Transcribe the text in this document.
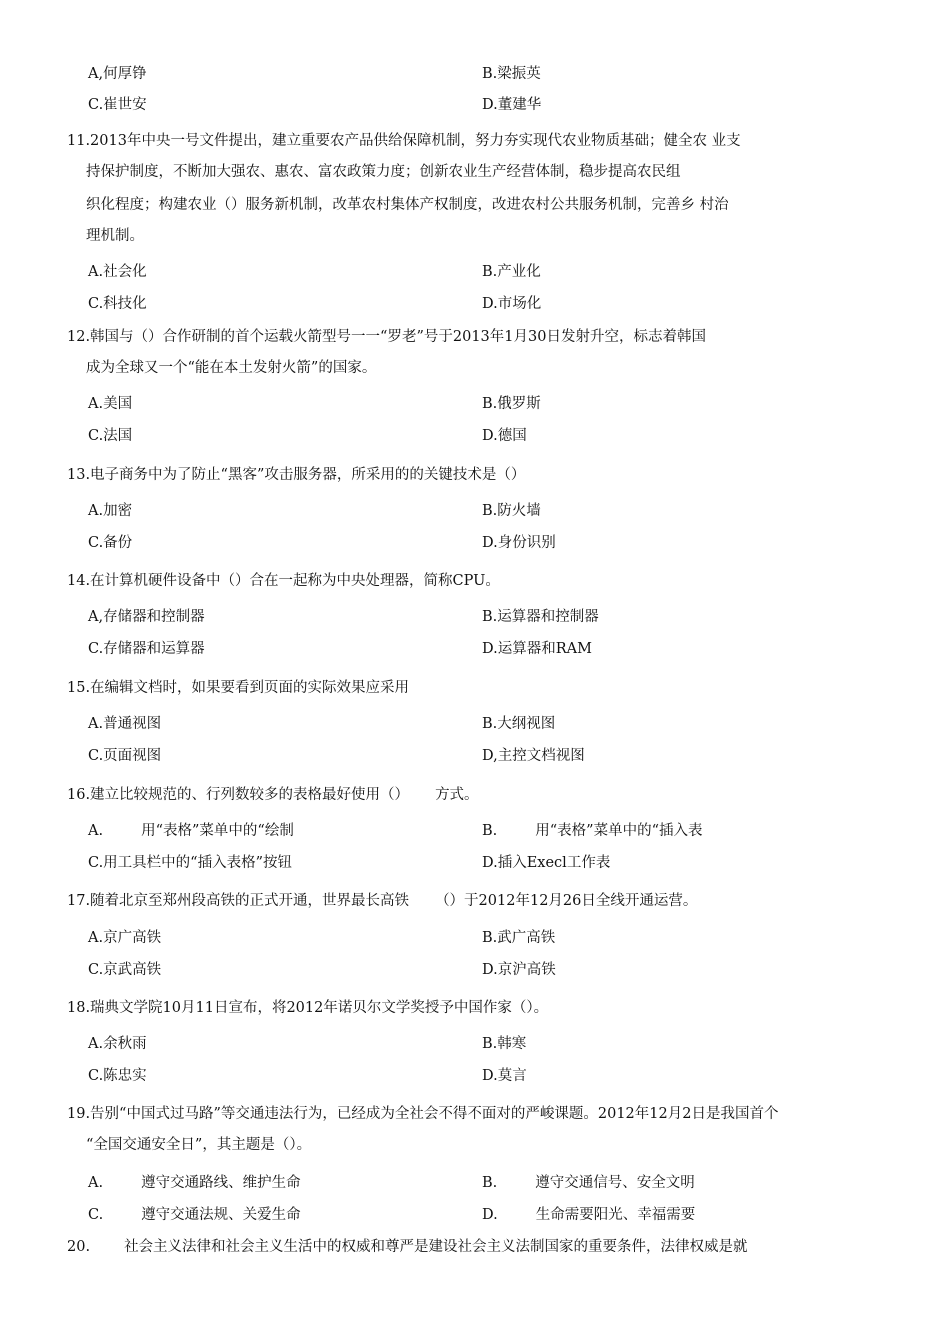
A,何厚铮	B.梁振英
C.崔世安	D.董建华
11.2013年中央一号文件提出，建立重要农产品供给保障机制，努力夯实现代农业物质基础；健全农 业支
持保护制度，不断加大强农、惠农、富农政策力度；创新农业生产经营体制，稳步提高农民组
织化程度；构建农业（）服务新机制，改革农村集体产权制度，改进农村公共服务机制，完善乡 村治
理机制。
A.社会化	B.产业化
C.科技化	D.市场化
12.韩国与（）合作研制的首个运载火箭型号一一“罗老”号于2013年1月30日发射升空，标志着韩国
成为全球又一个“能在本土发射火箭”的国家。
A.美国	B.俄罗斯
C.法国	D.德国
13.电子商务中为了防止“黑客”攻击服务器，所采用的的关键技术是（）
A.加密	B.防火墙
C.备份	D.身份识别
14.在计算机硬件设备中（）合在一起称为中央处理器，简称CPU。
A,存储器和控制器	B.运算器和控制器
C.存储器和运算器	D.运算器和RAM
15.在编辑文档时，如果要看到页面的实际效果应采用
A.普通视图	B.大纲视图
C.页面视图	D,主控文档视图
16.建立比较规范的、行列数较多的表格最好使用（） 方式。
A.	用“表格”菜单中的“绘制	B.	用“表格”菜单中的“插入表
C.用工具栏中的“插入表格”按钮	D.插入Execl工作表
17.随着北京至郑州段高铁的正式开通，世界最长高铁 （）于2012年12月26日全线开通运营。
A.京广高铁	B.武广高铁
C.京武高铁	D.京沪高铁
18.瑞典文学院10月11日宣布，将2012年诺贝尔文学奖授予中国作家（）。
A.余秋雨	B.韩寒
C.陈忠实	D.莫言
19.告别“中国式过马路”等交通违法行为，已经成为全社会不得不面对的严峻课题。2012年12月2日是我国首个
“全国交通安全日”，其主题是（）。
A.	遵守交通路线、维护生命	B.	遵守交通信号、安全文明
C.	遵守交通法规、关爱生命	D.	生命需要阳光、幸福需要
20. 社会主义法律和社会主义生活中的权威和尊严是建设社会主义法制国家的重要条件，法律权威是就
